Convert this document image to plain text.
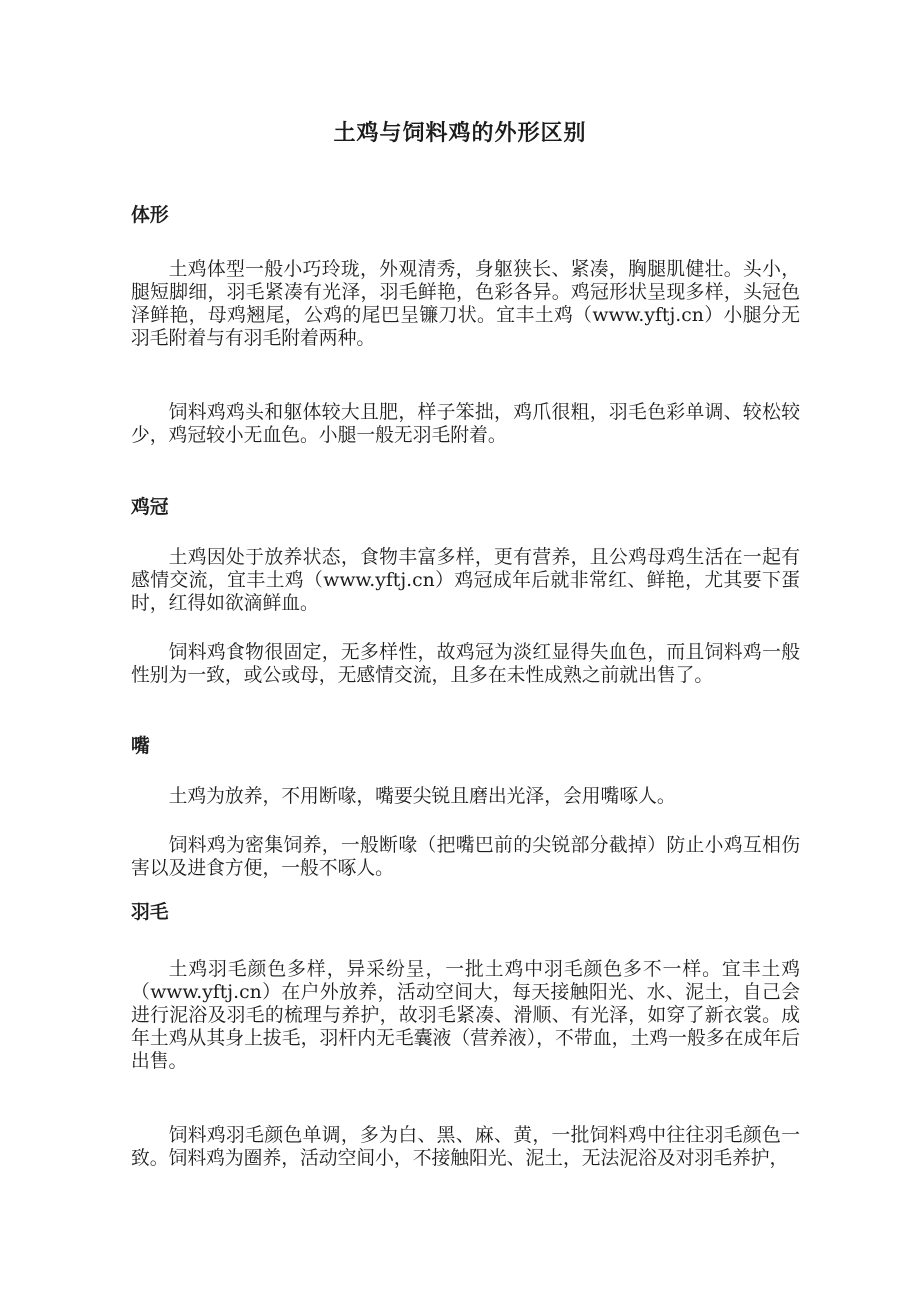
土鸡与饲料鸡的外形区别
体形

土鸡体型一般小巧玲珑，外观清秀，身躯狭长、紧凑，胸腿肌健壮。头小，腿短脚细，羽毛紧凑有光泽，羽毛鲜艳，色彩各异。鸡冠形状呈现多样，头冠色泽鲜艳，母鸡翘尾，公鸡的尾巴呈镰刀状。宜丰土鸡（www.yftj.cn）小腿分无羽毛附着与有羽毛附着两种。

饲料鸡鸡头和躯体较大且肥，样子笨拙，鸡爪很粗，羽毛色彩单调、较松较少，鸡冠较小无血色。小腿一般无羽毛附着。

鸡冠

土鸡因处于放养状态，食物丰富多样，更有营养，且公鸡母鸡生活在一起有感情交流，宜丰土鸡（www.yftj.cn）鸡冠成年后就非常红、鲜艳，尤其要下蛋时，红得如欲滴鲜血。

饲料鸡食物很固定，无多样性，故鸡冠为淡红显得失血色，而且饲料鸡一般性别为一致，或公或母，无感情交流，且多在未性成熟之前就出售了。

嘴

土鸡为放养，不用断喙，嘴要尖锐且磨出光泽，会用嘴啄人。

饲料鸡为密集饲养，一般断喙（把嘴巴前的尖锐部分截掉）防止小鸡互相伤害以及进食方便，一般不啄人。

羽毛

土鸡羽毛颜色多样，异采纷呈，一批土鸡中羽毛颜色多不一样。宜丰土鸡（www.yftj.cn）在户外放养，活动空间大，每天接触阳光、水、泥土，自己会进行泥浴及羽毛的梳理与养护，故羽毛紧凑、滑顺、有光泽，如穿了新衣裳。成年土鸡从其身上拔毛，羽杆内无毛囊液（营养液），不带血，土鸡一般多在成年后出售。

饲料鸡羽毛颜色单调，多为白、黑、麻、黄，一批饲料鸡中往往羽毛颜色一致。饲料鸡为圈养，活动空间小，不接触阳光、泥土，无法泥浴及对羽毛养护，
